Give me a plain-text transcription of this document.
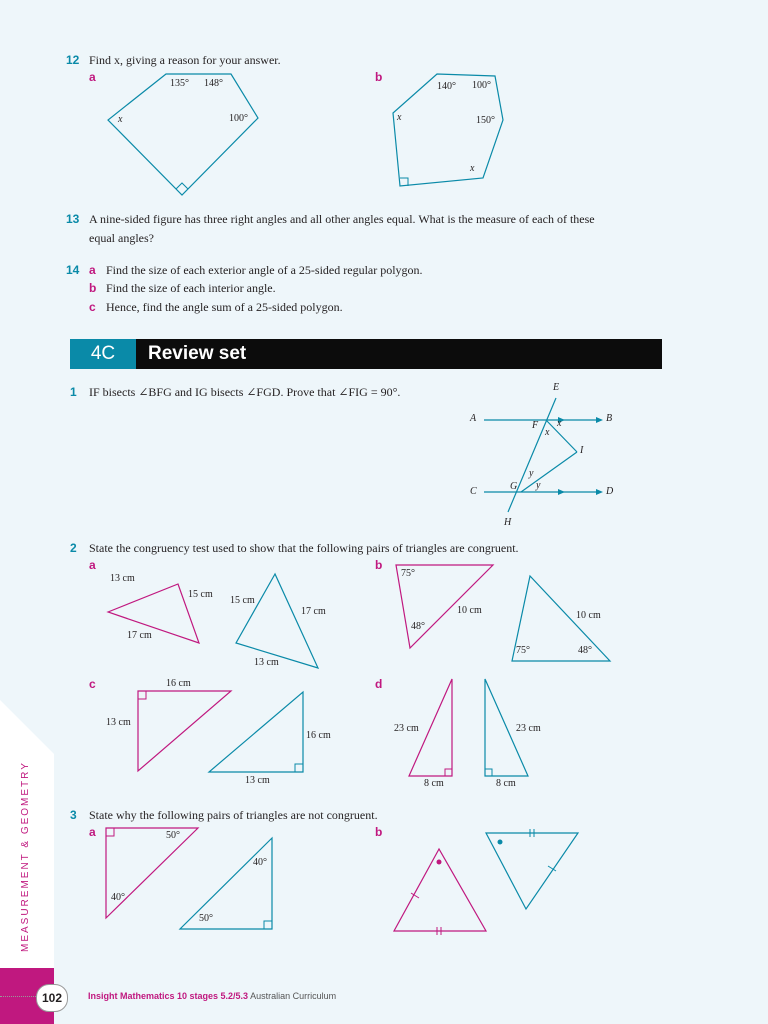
MEASUREMENT & GEOMETRY
12 Find x, giving a reason for your answer.
a	b
135° 148°
100°
x
140° 100°
150°
x
x
13 A nine-sided figure has three right angles and all other angles equal. What is the measure of each of these
equal angles?
14 a Find the size of each exterior angle of a 25-sided regular polygon.
b Find the size of each interior angle.
c Hence, find the angle sum of a 25-sided polygon.
4C	Review set
1 IF bisects ∠BFG and IG bisects ∠FGD. Prove that ∠FIG = 90°.	E
A	B
F
x
x
I
y
y
G
C	D
H
2 State the congruency test used to show that the following pairs of triangles are congruent.
a	b
c	d
13 cm
15 cm
17 cm
15 cm
17 cm
13 cm
75°
48°
10 cm	10 cm
75°	48°
16 cm
13 cm
16 cm
13 cm
23 cm
8 cm
23 cm
8 cm
3 State why the following pairs of triangles are not congruent.
a	b
50°
40°
40°
50°
102	Insight Mathematics 10 stages 5.2/5.3 Australian Curriculum
